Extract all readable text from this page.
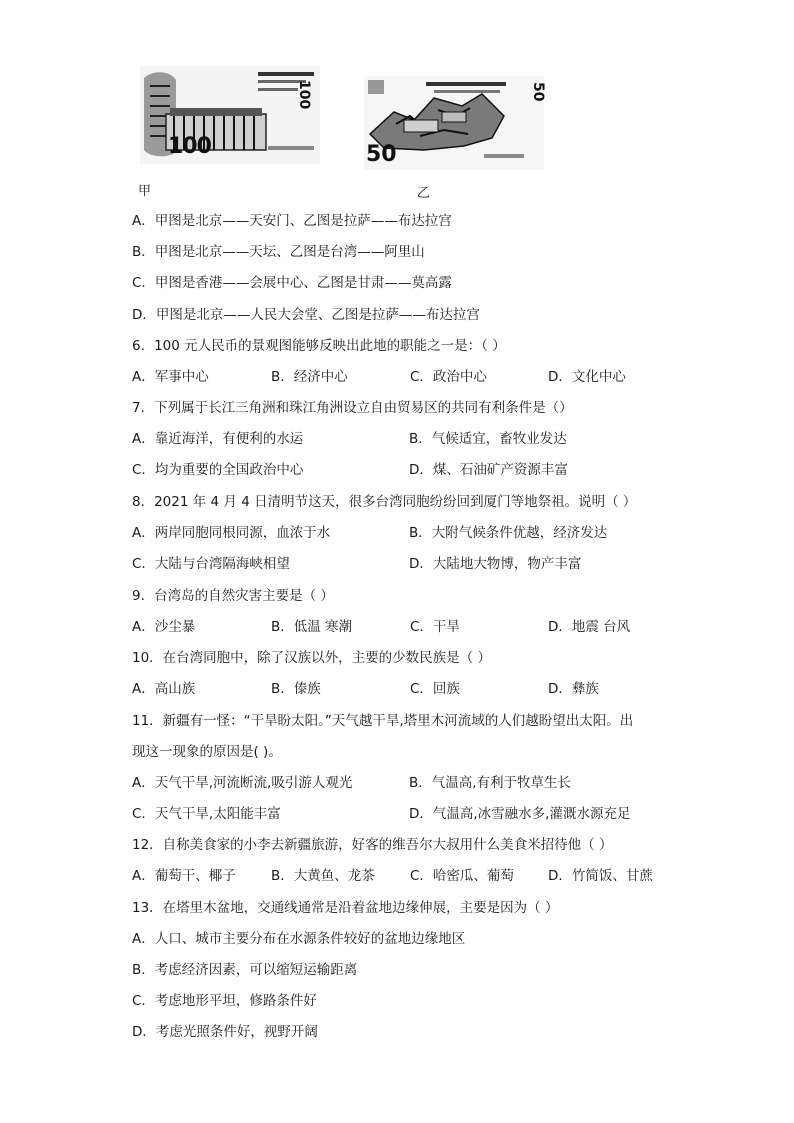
100
100
50
50
甲	乙
A．甲图是北京——天安门、乙图是拉萨——布达拉宫
B．甲图是北京——天坛、乙图是台湾——阿里山
C．甲图是香港——会展中心、乙图是甘肃——莫高露
D．甲图是北京——人民大会堂、乙图是拉萨——布达拉宫
6．100 元人民币的景观图能够反映出此地的职能之一是：（ ）
A．军事中心	B．经济中心	C．政治中心	D．文化中心
7．下列属于长江三角洲和珠江角洲设立自由贸易区的共同有利条件是（）
A．靠近海洋，有便利的水运	B．气候适宜，畜牧业发达
C．均为重要的全国政治中心	D．煤、石油矿产资源丰富
8．2021 年 4 月 4 日清明节这天，很多台湾同胞纷纷回到厦门等地祭祖。说明（ ）
A．两岸同胞同根同源，血浓于水	B．大附气候条件优越，经济发达
C．大陆与台湾隔海峡相望	D．大陆地大物博，物产丰富
9．台湾岛的自然灾害主要是（ ）
A．沙尘暴	B．低温 寒潮	C．干旱	D．地震 台风
10．在台湾同胞中，除了汉族以外，主要的少数民族是（ ）
A．高山族	B．傣族	C．回族	D．彝族
11．新疆有一怪：“干旱盼太阳。”天气越干旱,塔里木河流域的人们越盼望出太阳。出
现这一现象的原因是( )。
A．天气干旱,河流断流,吸引游人观光	B．气温高,有利于牧草生长
C．天气干旱,太阳能丰富	D．气温高,冰雪融水多,灌溉水源充足
12．自称美食家的小李去新疆旅游，好客的维吾尔大叔用什么美食米招待他（ ）
A．葡萄干、椰子	B．大黄鱼、龙茶	C．哈密瓜、葡萄	D．竹简饭、甘蔗
13．在塔里木盆地，交通线通常是沿着盆地边缘伸展，主要是因为（ ）
A．人口、城市主要分布在水源条件较好的盆地边缘地区
B．考虑经济因素，可以缩短运输距离
C．考虑地形平坦，修路条件好
D．考虑光照条件好，视野开阔
